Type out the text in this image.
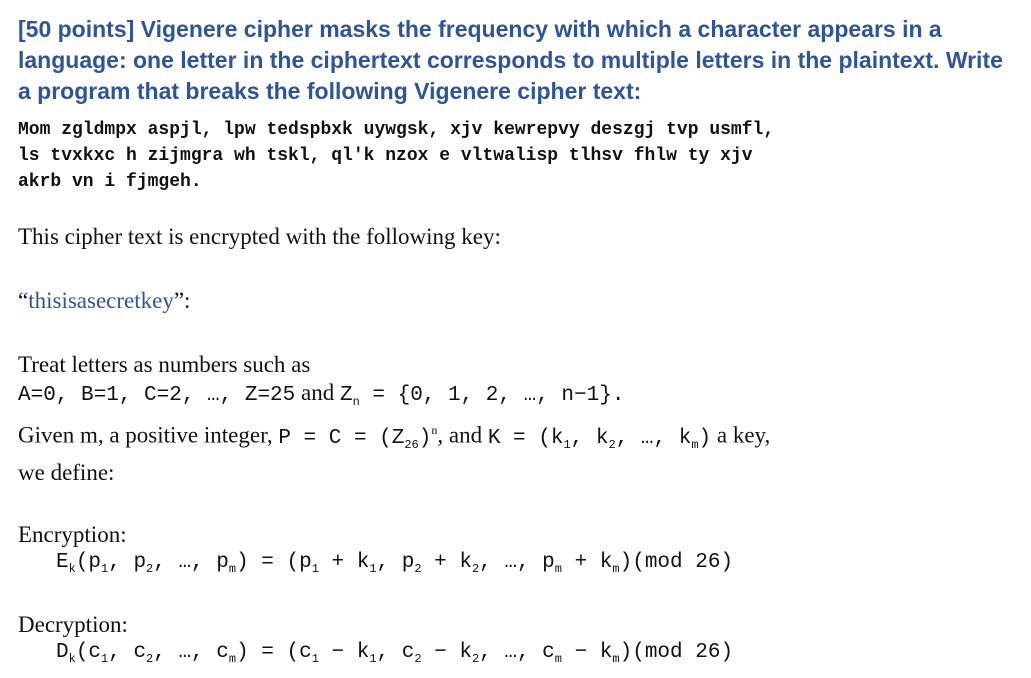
[50 points] Vigenere cipher masks the frequency with which a character appears in a language: one letter in the ciphertext corresponds to multiple letters in the plaintext. Write a program that breaks the following Vigenere cipher text:
Mom zgldmpx aspjl, lpw tedspbxk uywgsk, xjv kewrepvy deszgj tvp usmfl,
ls tvxkxc h zijmgra wh tskl, ql'k nzox e vltwalisp tlhsv fhlw ty xjv
akrb vn i fjmgeh.
This cipher text is encrypted with the following key:
“thisisasecretkey”:
Treat letters as numbers such as
A=0, B=1, C=2, …, Z=25 and $Z_n = \{0$, 1, 2, …, n−1}.
Given m, a positive integer, $P = C = (Z_{26})^n$, and $K = (k_1$, $k_2$, …, $k_m$) a key,
we define:
Encryption:
$E_k(p_1$, $p_2$, …, $p_m) = (p_1 + k_1$, $p_2 + k_2$, …, $p_m + k_m)(mod$ 26)
Decryption:
$D_k(c_1$, $c_2$, …, $c_m) = (c_1 - k_1$, $c_2 - k_2$, …, $c_m - k_m)(mod$ 26)
